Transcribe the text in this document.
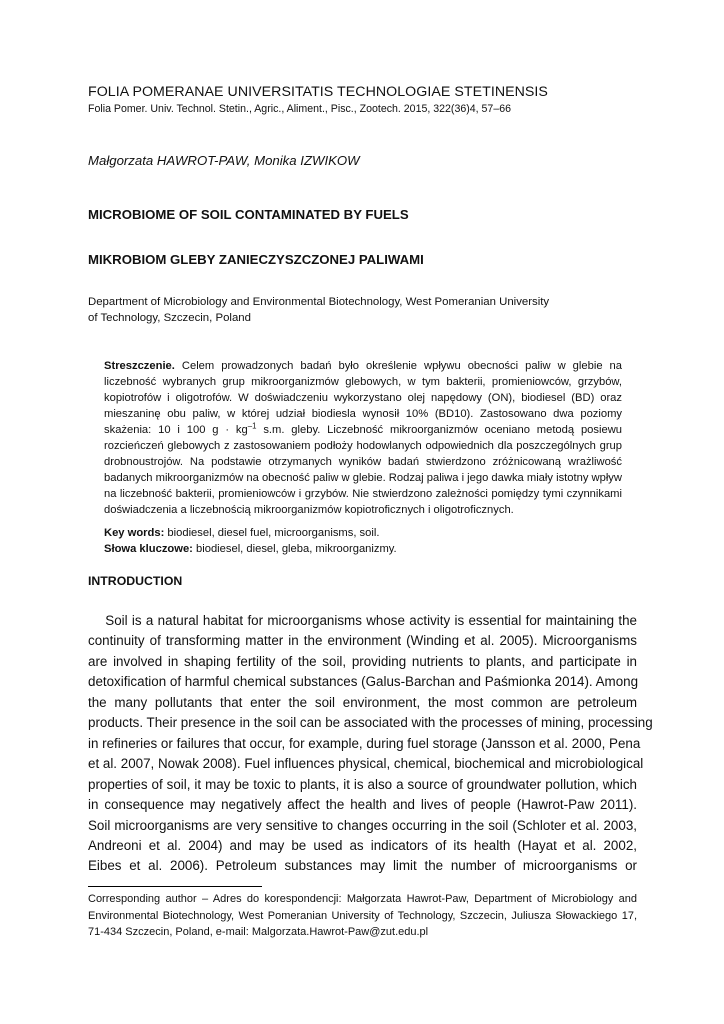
FOLIA POMERANAE UNIVERSITATIS TECHNOLOGIAE STETINENSIS
Folia Pomer. Univ. Technol. Stetin., Agric., Aliment., Pisc., Zootech. 2015, 322(36)4, 57–66
Małgorzata HAWROT-PAW, Monika IZWIKOW
MICROBIOME OF SOIL CONTAMINATED BY FUELS
MIKROBIOM GLEBY ZANIECZYSZCZONEJ PALIWAMI
Department of Microbiology and Environmental Biotechnology, West Pomeranian University
of Technology, Szczecin, Poland
Streszczenie. Celem prowadzonych badań było określenie wpływu obecności paliw w glebie na liczebność wybranych grup mikroorganizmów glebowych, w tym bakterii, promieniowców, grzybów, kopiotrofów i oligotrofów. W doświadczeniu wykorzystano olej napędowy (ON), biodiesel (BD) oraz mieszaninę obu paliw, w której udział biodiesla wynosił 10% (BD10). Zastosowano dwa poziomy skażenia: 10 i 100 $g \cdot kg^{-1}$ s.m. gleby. Liczebność mikroorganizmów oceniano metodą posiewu rozcieńczeń glebowych z zastosowaniem podłoży hodowlanych odpowiednich dla poszczególnych grup drobnoustrojów. Na podstawie otrzymanych wyników badań stwierdzono zróżnicowaną wrażliwość badanych mikroorganizmów na obecność paliw w glebie. Rodzaj paliwa i jego dawka miały istotny wpływ na liczebność bakterii, promieniowców i grzybów. Nie stwierdzono zależności pomiędzy tymi czynnikami doświadczenia a liczebnością mikroorganizmów kopiotroficznych i oligotroficznych.
Key words: biodiesel, diesel fuel, microorganisms, soil.
Słowa kluczowe: biodiesel, diesel, gleba, mikroorganizmy.
INTRODUCTION
Soil is a natural habitat for microorganisms whose activity is essential for maintaining the
continuity of transforming matter in the environment (Winding et al. 2005). Microorganisms
are involved in shaping fertility of the soil, providing nutrients to plants, and participate in
detoxification of harmful chemical substances (Galus-Barchan and Paśmionka 2014). Among
the many pollutants that enter the soil environment, the most common are petroleum
products. Their presence in the soil can be associated with the processes of mining, processing
in refineries or failures that occur, for example, during fuel storage (Jansson et al. 2000, Pena
et al. 2007, Nowak 2008). Fuel influences physical, chemical, biochemical and microbiological
properties of soil, it may be toxic to plants, it is also a source of groundwater pollution, which
in consequence may negatively affect the health and lives of people (Hawrot-Paw 2011).
Soil microorganisms are very sensitive to changes occurring in the soil (Schloter et al. 2003,
Andreoni et al. 2004) and may be used as indicators of its health (Hayat et al. 2002,
Eibes et al. 2006). Petroleum substances may limit the number of microorganisms or
Corresponding author – Adres do korespondencji: Małgorzata Hawrot-Paw, Department of Microbiology and Environmental Biotechnology, West Pomeranian University of Technology, Szczecin, Juliusza Słowackiego 17, 71-434 Szczecin, Poland, e-mail: Malgorzata.Hawrot-Paw@zut.edu.pl
